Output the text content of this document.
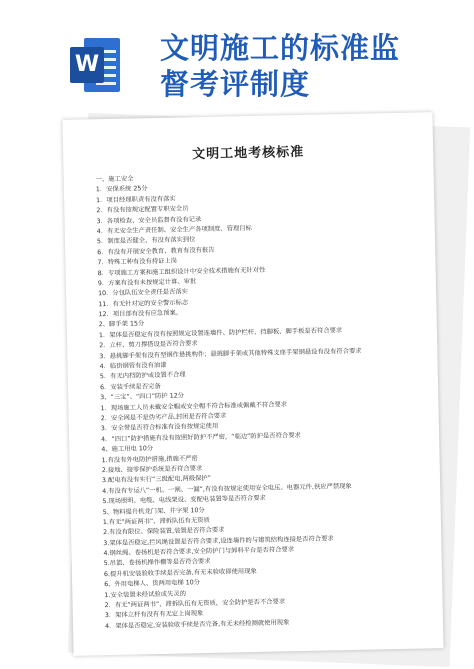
W 文明施工的标准监
督考评制度
文明工地考核标准
一、施工安全
1．安保系统 25分
1．项目经理职责有没有落实
2．有没有按规定配置专职安全员
3．各项检查、安全员监督有没有记录
4．有无安全生产责任制、安全生产各项制度、管理目标
5．制度是否健全、有没有落实到位
6．有没有开展安全教育、教育有没有报告
7．特殊工种有没有持证上岗
8．专项施工方案和施工组织设计中安全技术措施有无针对性
9．方案有没有未按规定计算、审批
10．分包队伍安全责任是否落实
11．有无针对定的安全警示标志
12．项目部有没有应急预案。
2、脚手架 15分
1．架体是否稳定有没有按照规定设置连墙件、防护栏杆、挡脚板、脚手板是否符合要求
2．立杆、剪刀撑搭设是否符合要求
3．悬挑脚手架有没有型钢作悬挑构件；悬挑脚手架或其他特殊支座手架钢悬设有没有符合要求
4．临街钢管有没有油漆
5．有无内档防护或设置不合理
6．安装手续是否完备
3、“三宝”、“四口”防护 12分
1．现场施工人员未戴安全帽或安全帽不符合标准或佩戴不符合要求
2．安全网是不是伪劣产品,封闭是否符合要求
3．安全带是否符合标准有没有按规定使用
4．“四口”防护措施有没有按照好防护不严密，“临边”防护是否符合要求
4、施工用电 10分
1.有没有外电防护措施,措施不严密
2.接地、接零保护系统是否符合要求
3.配电有没有实行“三级配电,两级保护”
4.有没有专运八“一机、一闸、一漏”,有没有按规定使用安全电压、电器元件,供应严禁现象
5.现场照明、电缆、电线架设、变配电装置等是否符合要求
5、物料提升机龙门架、井字架 10分
1.有无“两证两书”、滞拆队伍有无资质
2.有没有限位、保险装置,装置是否符合要求
3.架体是否稳定,拦风绳设置是否符合要求,设连墙件的与建筑结构连接是否符合要求
4.钢丝绳、卷扬机是否符合要求,安全防护门与卸料平台是否符合要求
5.吊篮、卷扬机操作棚等是否符合要求
6.提升机安装验收手续是否完备,有无未验收即使用现象
6、外用电梯人、货两用电梯 10分
1.安全装置未经试验或失灵的
2．有无“两证两书”，滞拆队伍有无资质，安全防护是否不合要求
3．架体立杆有没有有无定上岗现象
4．架体是否稳定,安装验收手续是否完备,有无未经检测就使用现象
